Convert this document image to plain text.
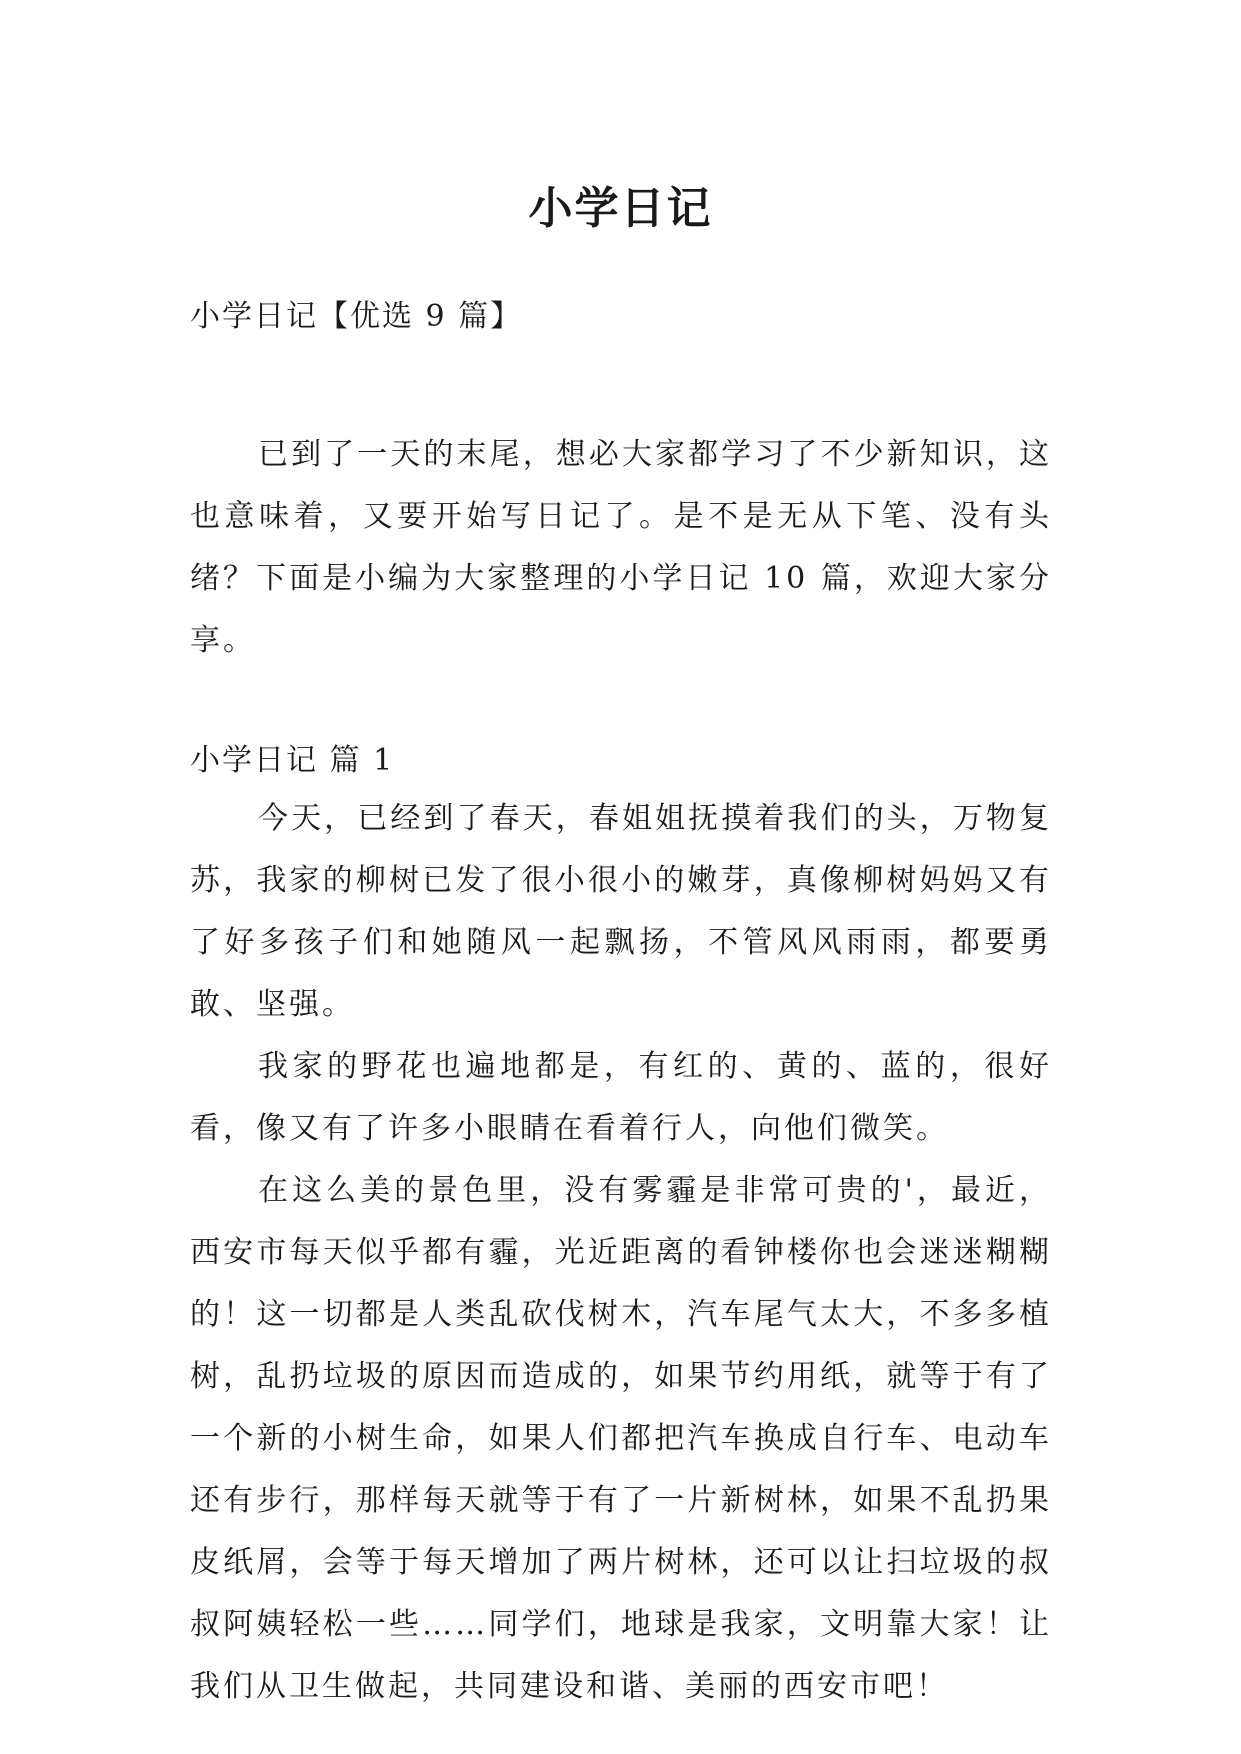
小学日记

小学日记【优选 9 篇】

已到了一天的末尾，想必大家都学习了不少新知识，这也意味着，又要开始写日记了。是不是无从下笔、没有头绪？下面是小编为大家整理的小学日记 10 篇，欢迎大家分享。

小学日记 篇 1

今天，已经到了春天，春姐姐抚摸着我们的头，万物复苏，我家的柳树已发了很小很小的嫩芽，真像柳树妈妈又有了好多孩子们和她随风一起飘扬，不管风风雨雨，都要勇敢、坚强。

我家的野花也遍地都是，有红的、黄的、蓝的，很好看，像又有了许多小眼睛在看着行人，向他们微笑。

在这么美的景色里，没有雾霾是非常可贵的'，最近，西安市每天似乎都有霾，光近距离的看钟楼你也会迷迷糊糊的！这一切都是人类乱砍伐树木，汽车尾气太大，不多多植树，乱扔垃圾的原因而造成的，如果节约用纸，就等于有了一个新的小树生命，如果人们都把汽车换成自行车、电动车还有步行，那样每天就等于有了一片新树林，如果不乱扔果皮纸屑，会等于每天增加了两片树林，还可以让扫垃圾的叔叔阿姨轻松一些……同学们，地球是我家，文明靠大家！让我们从卫生做起，共同建设和谐、美丽的西安市吧！
